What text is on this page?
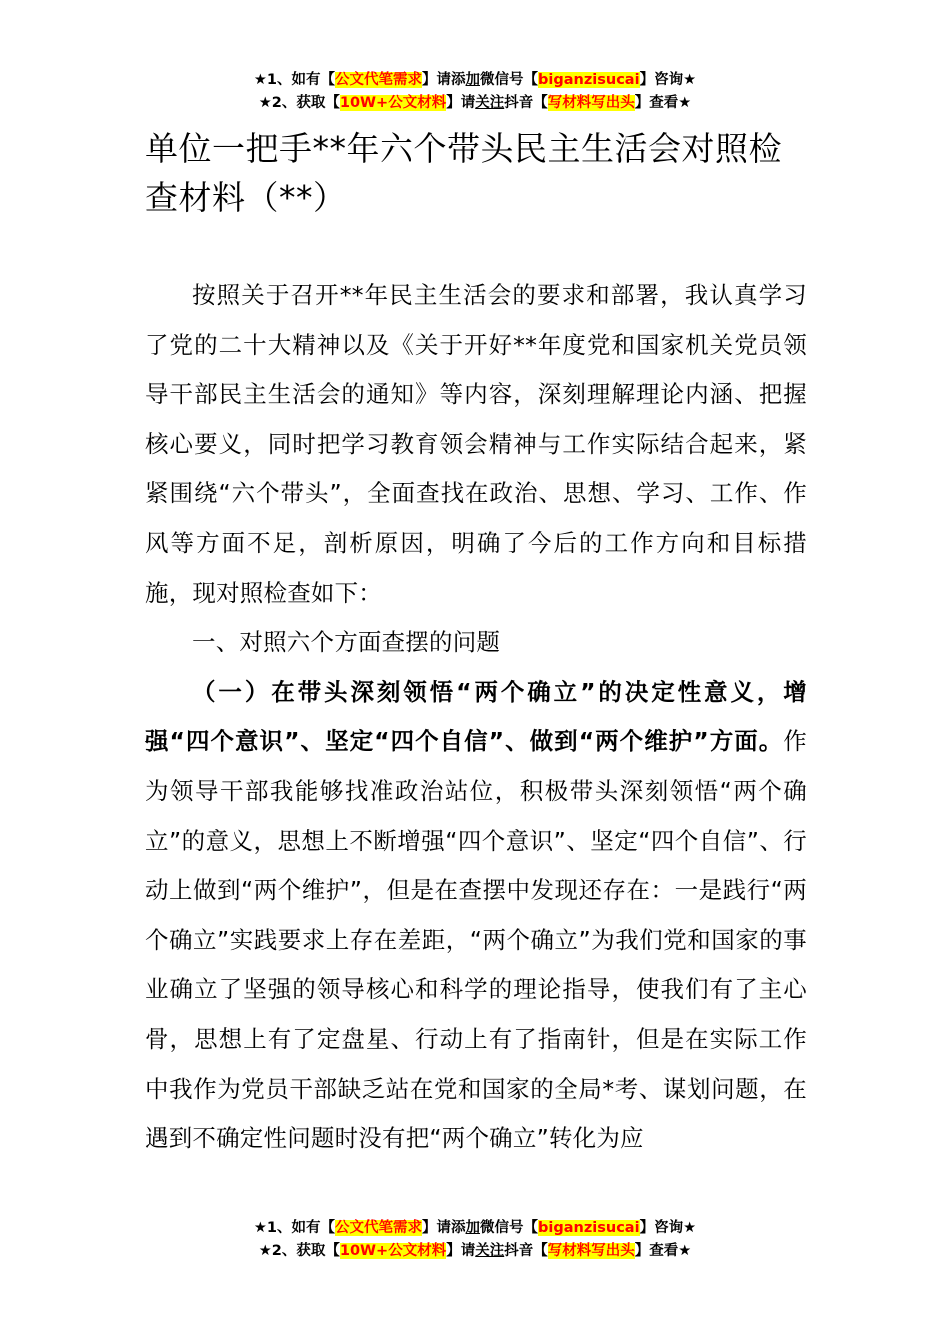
★1、如有【公文代笔需求】请添加微信号【biganzisucai】咨询★
★2、获取【10W+公文材料】请关注抖音【写材料写出头】查看★
单位一把手**年六个带头民主生活会对照检查材料（**）

按照关于召开**年民主生活会的要求和部署，我认真学习了党的二十大精神以及《关于开好**年度党和国家机关党员领导干部民主生活会的通知》等内容，深刻理解理论内涵、把握核心要义，同时把学习教育领会精神与工作实际结合起来，紧紧围绕“六个带头”，全面查找在政治、思想、学习、工作、作风等方面不足，剖析原因，明确了今后的工作方向和目标措施，现对照检查如下：

一、对照六个方面查摆的问题

（一）在带头深刻领悟“两个确立”的决定性意义，增强“四个意识”、坚定“四个自信”、做到“两个维护”方面。作为领导干部我能够找准政治站位，积极带头深刻领悟“两个确立”的意义，思想上不断增强“四个意识”、坚定“四个自信”、行动上做到“两个维护”，但是在查摆中发现还存在：一是践行“两个确立”实践要求上存在差距，“两个确立”为我们党和国家的事业确立了坚强的领导核心和科学的理论指导，使我们有了主心骨，思想上有了定盘星、行动上有了指南针，但是在实际工作中我作为党员干部缺乏站在党和国家的全局*考、谋划问题，在遇到不确定性问题时没有把“两个确立”转化为应

★1、如有【公文代笔需求】请添加微信号【biganzisucai】咨询★
★2、获取【10W+公文材料】请关注抖音【写材料写出头】查看★
